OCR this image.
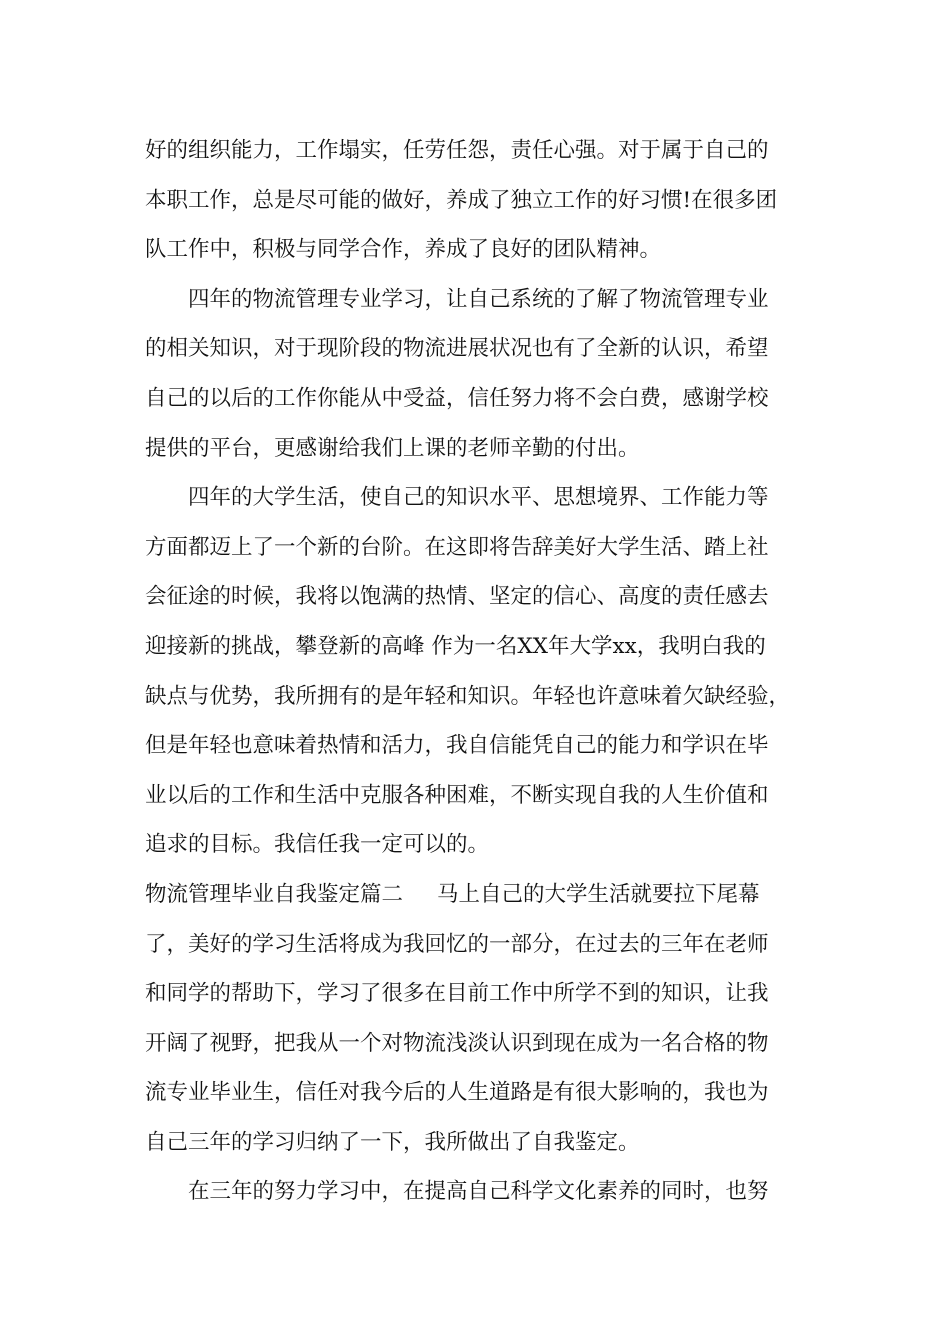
好的组织能力，工作塌实，任劳任怨，责任心强。对于属于自己的
本职工作，总是尽可能的做好，养成了独立工作的好习惯!在很多团
队工作中，积极与同学合作，养成了良好的团队精神。
四年的物流管理专业学习，让自己系统的了解了物流管理专业
的相关知识，对于现阶段的物流进展状况也有了全新的认识，希望
自己的以后的工作你能从中受益，信任努力将不会白费，感谢学校
提供的平台，更感谢给我们上课的老师辛勤的付出。
四年的大学生活，使自己的知识水平、思想境界、工作能力等
方面都迈上了一个新的台阶。在这即将告辞美好大学生活、踏上社
会征途的时候，我将以饱满的热情、坚定的信心、高度的责任感去
迎接新的挑战，攀登新的高峰 作为一名XX年大学xx，我明白我的
缺点与优势，我所拥有的是年轻和知识。年轻也许意味着欠缺经验，
但是年轻也意味着热情和活力，我自信能凭自己的能力和学识在毕
业以后的工作和生活中克服各种困难，不断实现自我的人生价值和
追求的目标。我信任我一定可以的。
物流管理毕业自我鉴定篇二 马上自己的大学生活就要拉下尾幕
了，美好的学习生活将成为我回忆的一部分，在过去的三年在老师
和同学的帮助下，学习了很多在目前工作中所学不到的知识，让我
开阔了视野，把我从一个对物流浅淡认识到现在成为一名合格的物
流专业毕业生，信任对我今后的人生道路是有很大影响的，我也为
自己三年的学习归纳了一下，我所做出了自我鉴定。
在三年的努力学习中，在提高自己科学文化素养的同时，也努
